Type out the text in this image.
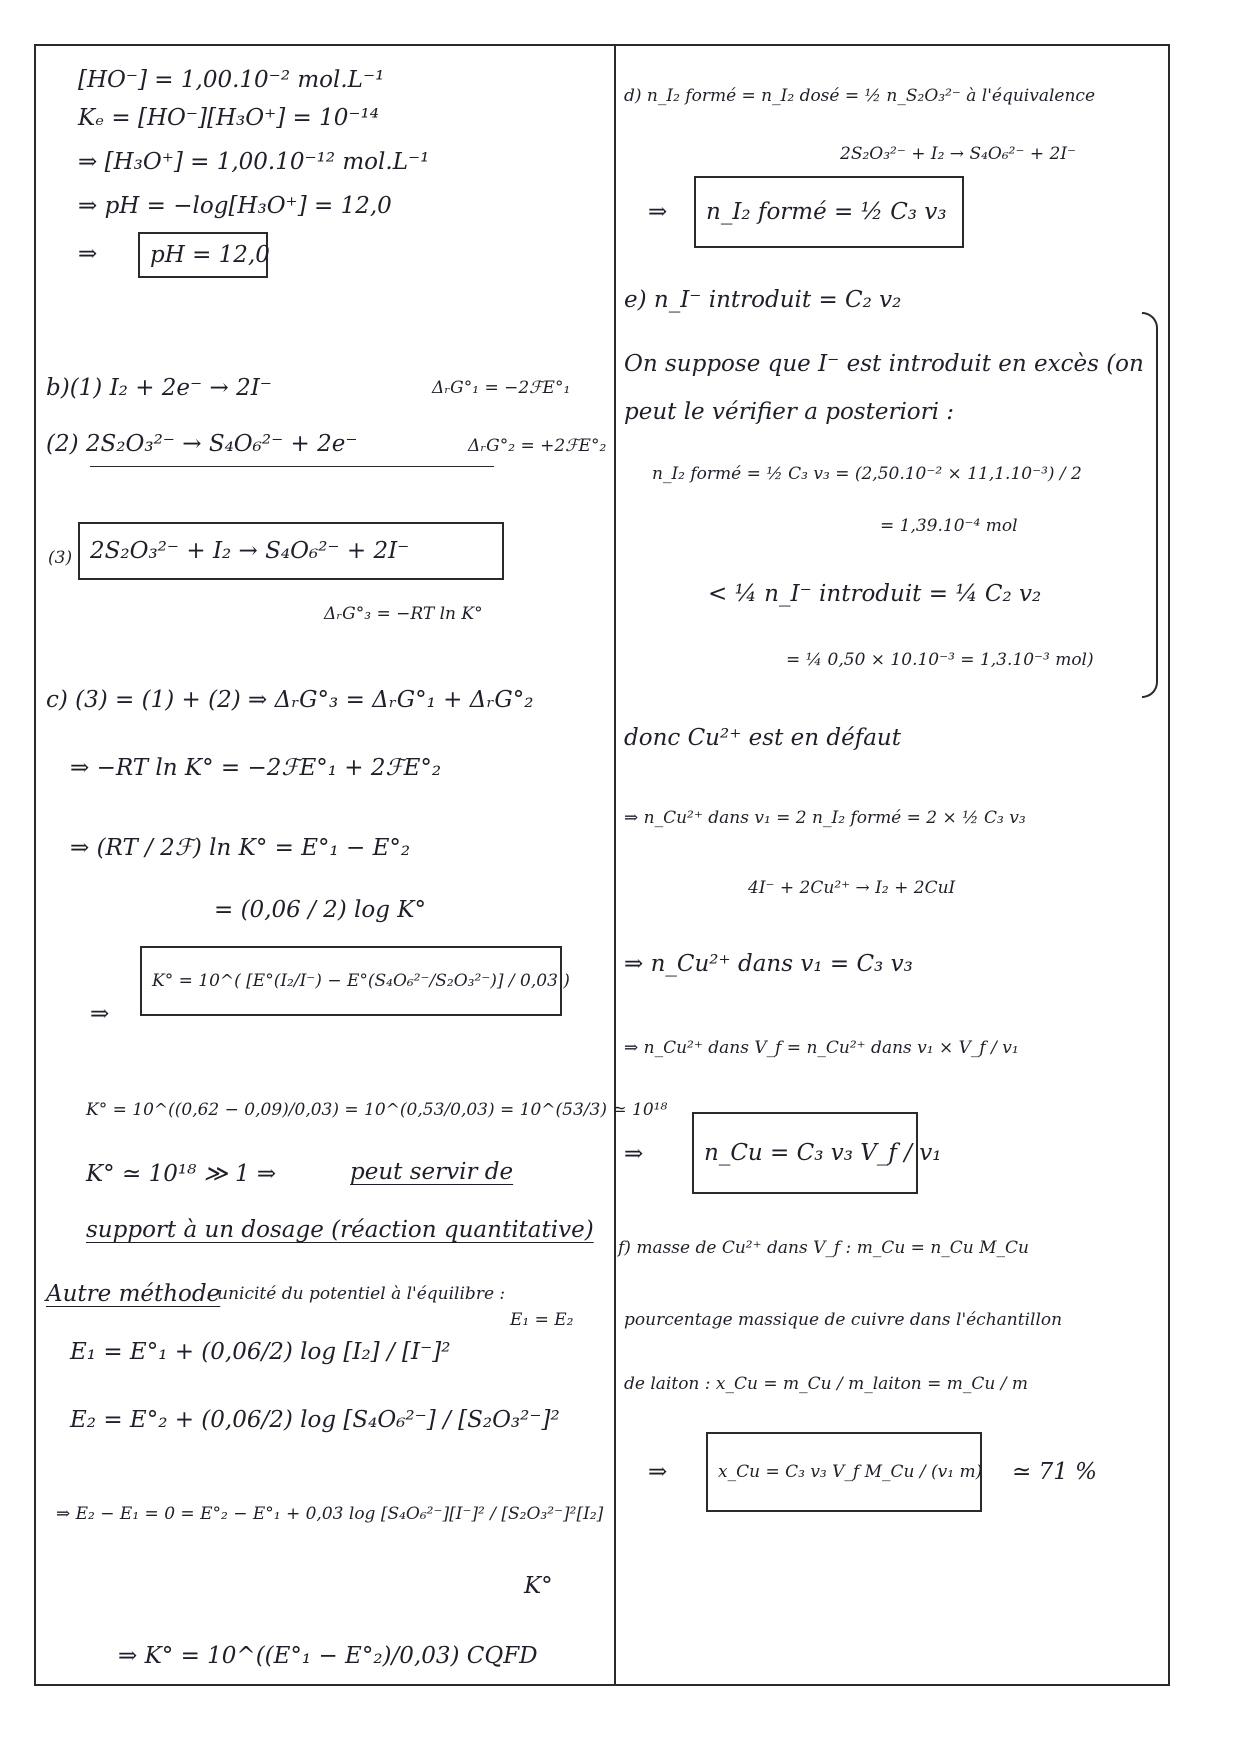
[HO⁻] = 1,00.10⁻² mol.L⁻¹
Kₑ = [HO⁻][H₃O⁺] = 10⁻¹⁴
⇒ [H₃O⁺] = 1,00.10⁻¹² mol.L⁻¹
⇒ pH = −log[H₃O⁺] = 12,0
⇒	pH = 12,0
b)(1) I₂ + 2e⁻ → 2I⁻	ΔᵣG°₁ = −2ℱE°₁
(2) 2S₂O₃²⁻ → S₄O₆²⁻ + 2e⁻	ΔᵣG°₂ = +2ℱE°₂
(3) 2S₂O₃²⁻ + I₂ → S₄O₆²⁻ + 2I⁻
ΔᵣG°₃ = −RT ln K°
c) (3) = (1) + (2) ⇒ ΔᵣG°₃ = ΔᵣG°₁ + ΔᵣG°₂
⇒ −RT ln K° = −2ℱE°₁ + 2ℱE°₂
⇒ (RT / 2ℱ) ln K° = E°₁ − E°₂
= (0,06 / 2) log K°
⇒
K° = 10^( [E°(I₂/I⁻) − E°(S₄O₆²⁻/S₂O₃²⁻)] / 0,03 )
K° = 10^((0,62 − 0,09)/0,03) = 10^(0,53/0,03) = 10^(53/3) ≃ 10¹⁸
K° ≃ 10¹⁸ ≫ 1 ⇒	peut servir de
support à un dosage (réaction quantitative)
Autre méthode
: unicité du potentiel à l'équilibre :
E₁ = E₂
E₁ = E°₁ + (0,06/2) log [I₂] / [I⁻]²
E₂ = E°₂ + (0,06/2) log [S₄O₆²⁻] / [S₂O₃²⁻]²
⇒ E₂ − E₁ = 0 = E°₂ − E°₁ + 0,03 log [S₄O₆²⁻][I⁻]² / [S₂O₃²⁻]²[I₂]
K°
⇒ K° = 10^((E°₁ − E°₂)/0,03) CQFD
d) n_I₂ formé = n_I₂ dosé = ½ n_S₂O₃²⁻ à l'équivalence
2S₂O₃²⁻ + I₂ → S₄O₆²⁻ + 2I⁻
⇒	n_I₂ formé = ½ C₃ v₃
e) n_I⁻ introduit = C₂ v₂
On suppose que I⁻ est introduit en excès (on
peut le vérifier a posteriori :
n_I₂ formé = ½ C₃ v₃ = (2,50.10⁻² × 11,1.10⁻³) / 2
= 1,39.10⁻⁴ mol
< ¼ n_I⁻ introduit = ¼ C₂ v₂
= ¼ 0,50 × 10.10⁻³ = 1,3.10⁻³ mol)
donc Cu²⁺ est en défaut
⇒ n_Cu²⁺ dans v₁ = 2 n_I₂ formé = 2 × ½ C₃ v₃
4I⁻ + 2Cu²⁺ → I₂ + 2CuI
⇒ n_Cu²⁺ dans v₁ = C₃ v₃
⇒ n_Cu²⁺ dans V_f = n_Cu²⁺ dans v₁ × V_f / v₁
⇒	n_Cu = C₃ v₃ V_f / v₁
f) masse de Cu²⁺ dans V_f : m_Cu = n_Cu M_Cu
pourcentage massique de cuivre dans l'échantillon
de laiton : x_Cu = m_Cu / m_laiton = m_Cu / m
⇒	x_Cu = C₃ v₃ V_f M_Cu / (v₁ m) ≃ 71 %
